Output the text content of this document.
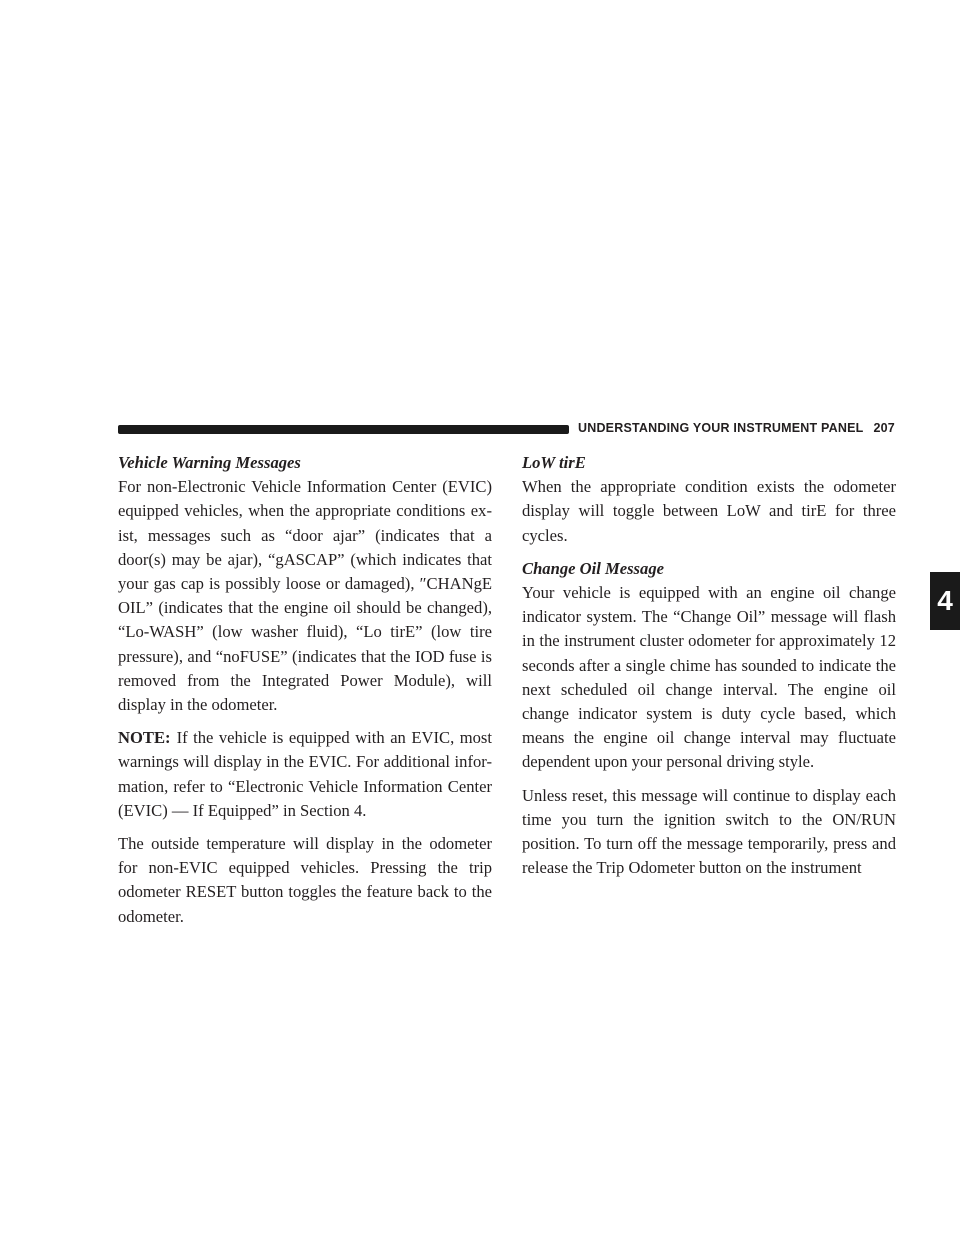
UNDERSTANDING YOUR INSTRUMENT PANEL 207
4
Vehicle Warning Messages

For non-Electronic Vehicle Information Center (EVIC) equipped vehicles, when the appropriate conditions ex-ist, messages such as “door ajar” (indicates that a door(s) may be ajar), “gASCAP” (which indicates that your gas cap is possibly loose or damaged), ″CHANgE OIL” (indicates that the engine oil should be changed), “Lo-WASH” (low washer fluid), “Lo tirE” (low tire pressure), and “noFUSE” (indicates that the IOD fuse is removed from the Integrated Power Module), will display in the odometer.

NOTE: If the vehicle is equipped with an EVIC, most warnings will display in the EVIC. For additional infor-mation, refer to “Electronic Vehicle Information Center (EVIC) — If Equipped” in Section 4.

The outside temperature will display in the odometer for non-EVIC equipped vehicles. Pressing the trip odometer RESET button toggles the feature back to the odometer.

LoW tirE

When the appropriate condition exists the odometer display will toggle between LoW and tirE for three cycles.

Change Oil Message

Your vehicle is equipped with an engine oil change indicator system. The “Change Oil” message will flash in the instrument cluster odometer for approximately 12 seconds after a single chime has sounded to indicate the next scheduled oil change interval. The engine oil change indicator system is duty cycle based, which means the engine oil change interval may fluctuate dependent upon your personal driving style.

Unless reset, this message will continue to display each time you turn the ignition switch to the ON/RUN position. To turn off the message temporarily, press and release the Trip Odometer button on the instrument
